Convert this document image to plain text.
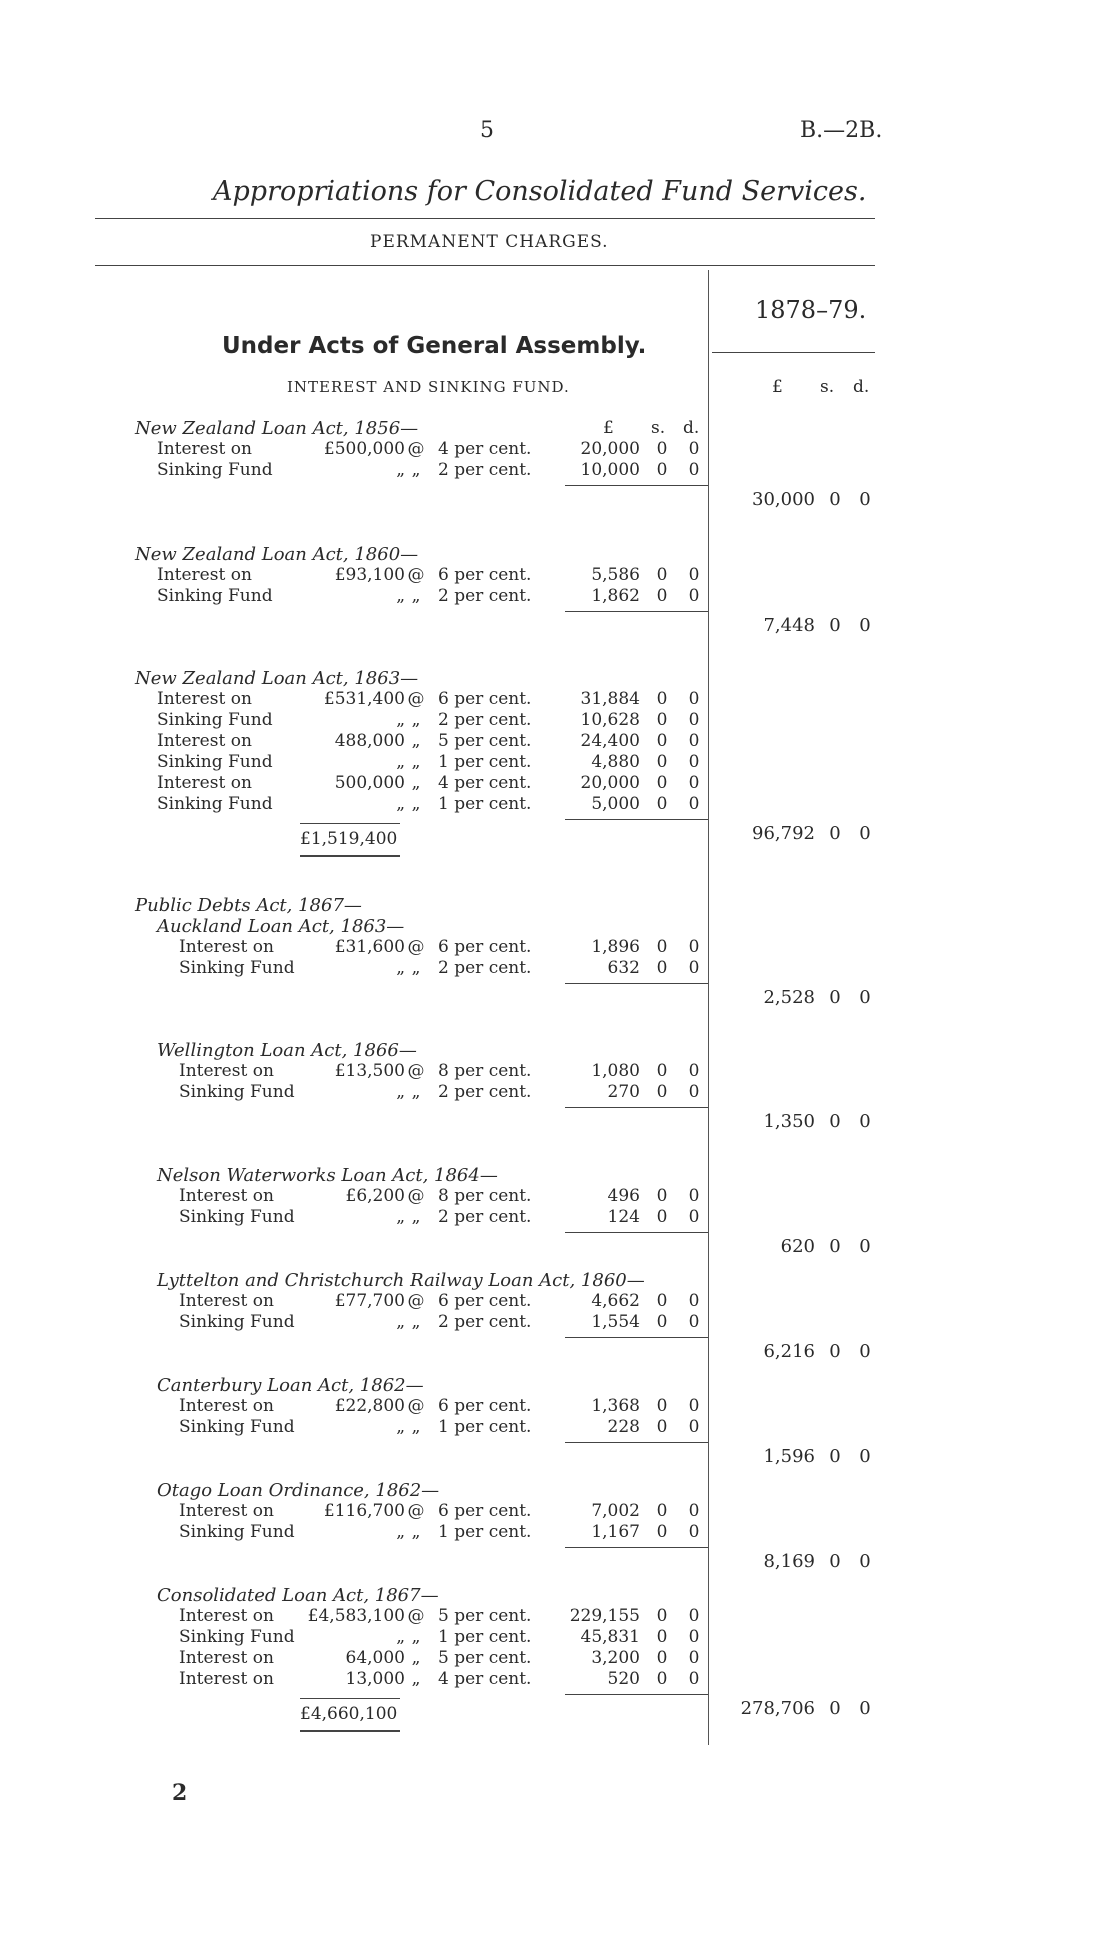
5	B.—2B.
Appropriations for Consolidated Fund Services.
PERMANENT CHARGES.
1878–79.
Under Acts of General Assembly.
INTEREST AND SINKING FUND.	£ s. d.
£ s. d.
New Zealand Loan Act, 1856—
Interest on	£500,000 @ 4 per cent.	20,000 0 0
Sinking Fund	„ „	2 per cent.	10,000 0 0
30,000 0 0
New Zealand Loan Act, 1860—
Interest on	£93,100 @ 6 per cent.	5,586 0 0
Sinking Fund	„ „	2 per cent.	1,862 0 0
7,448 0 0
New Zealand Loan Act, 1863—
Interest on	£531,400 @ 6 per cent.	31,884 0 0
Sinking Fund	„ „	2 per cent.	10,628 0 0
Interest on	488,000 „	5 per cent.	24,400 0 0
Sinking Fund	„ „	1 per cent.	4,880 0 0
Interest on	500,000 „	4 per cent.	20,000 0 0
Sinking Fund	„ „	1 per cent.	5,000 0 0
£1,519,400	96,792 0 0
Public Debts Act, 1867—
Auckland Loan Act, 1863—
Interest on	£31,600 @ 6 per cent.	1,896 0 0
Sinking Fund	„ „	2 per cent.	632 0 0
2,528 0 0
Wellington Loan Act, 1866—
Interest on	£13,500 @ 8 per cent.	1,080 0 0
Sinking Fund	„ „	2 per cent.	270 0 0
1,350 0 0
Nelson Waterworks Loan Act, 1864—
Interest on	£6,200 @ 8 per cent.	496 0 0
Sinking Fund	„ „	2 per cent.	124 0 0
620 0 0
Lyttelton and Christchurch Railway Loan Act, 1860—
Interest on	£77,700 @ 6 per cent.	4,662 0 0
Sinking Fund	„ „	2 per cent.	1,554 0 0
6,216 0 0
Canterbury Loan Act, 1862—
Interest on	£22,800 @ 6 per cent.	1,368 0 0
Sinking Fund	„ „	1 per cent.	228 0 0
1,596 0 0
Otago Loan Ordinance, 1862—
Interest on	£116,700 @ 6 per cent.	7,002 0 0
Sinking Fund	„ „	1 per cent.	1,167 0 0
8,169 0 0
Consolidated Loan Act, 1867—
Interest on	£4,583,100 @ 5 per cent.	229,155 0 0
Sinking Fund	„ „	1 per cent.	45,831 0 0
Interest on	64,000 „	5 per cent.	3,200 0 0
Interest on	13,000 „	4 per cent.	520 0 0
£4,660,100	278,706 0 0
2
